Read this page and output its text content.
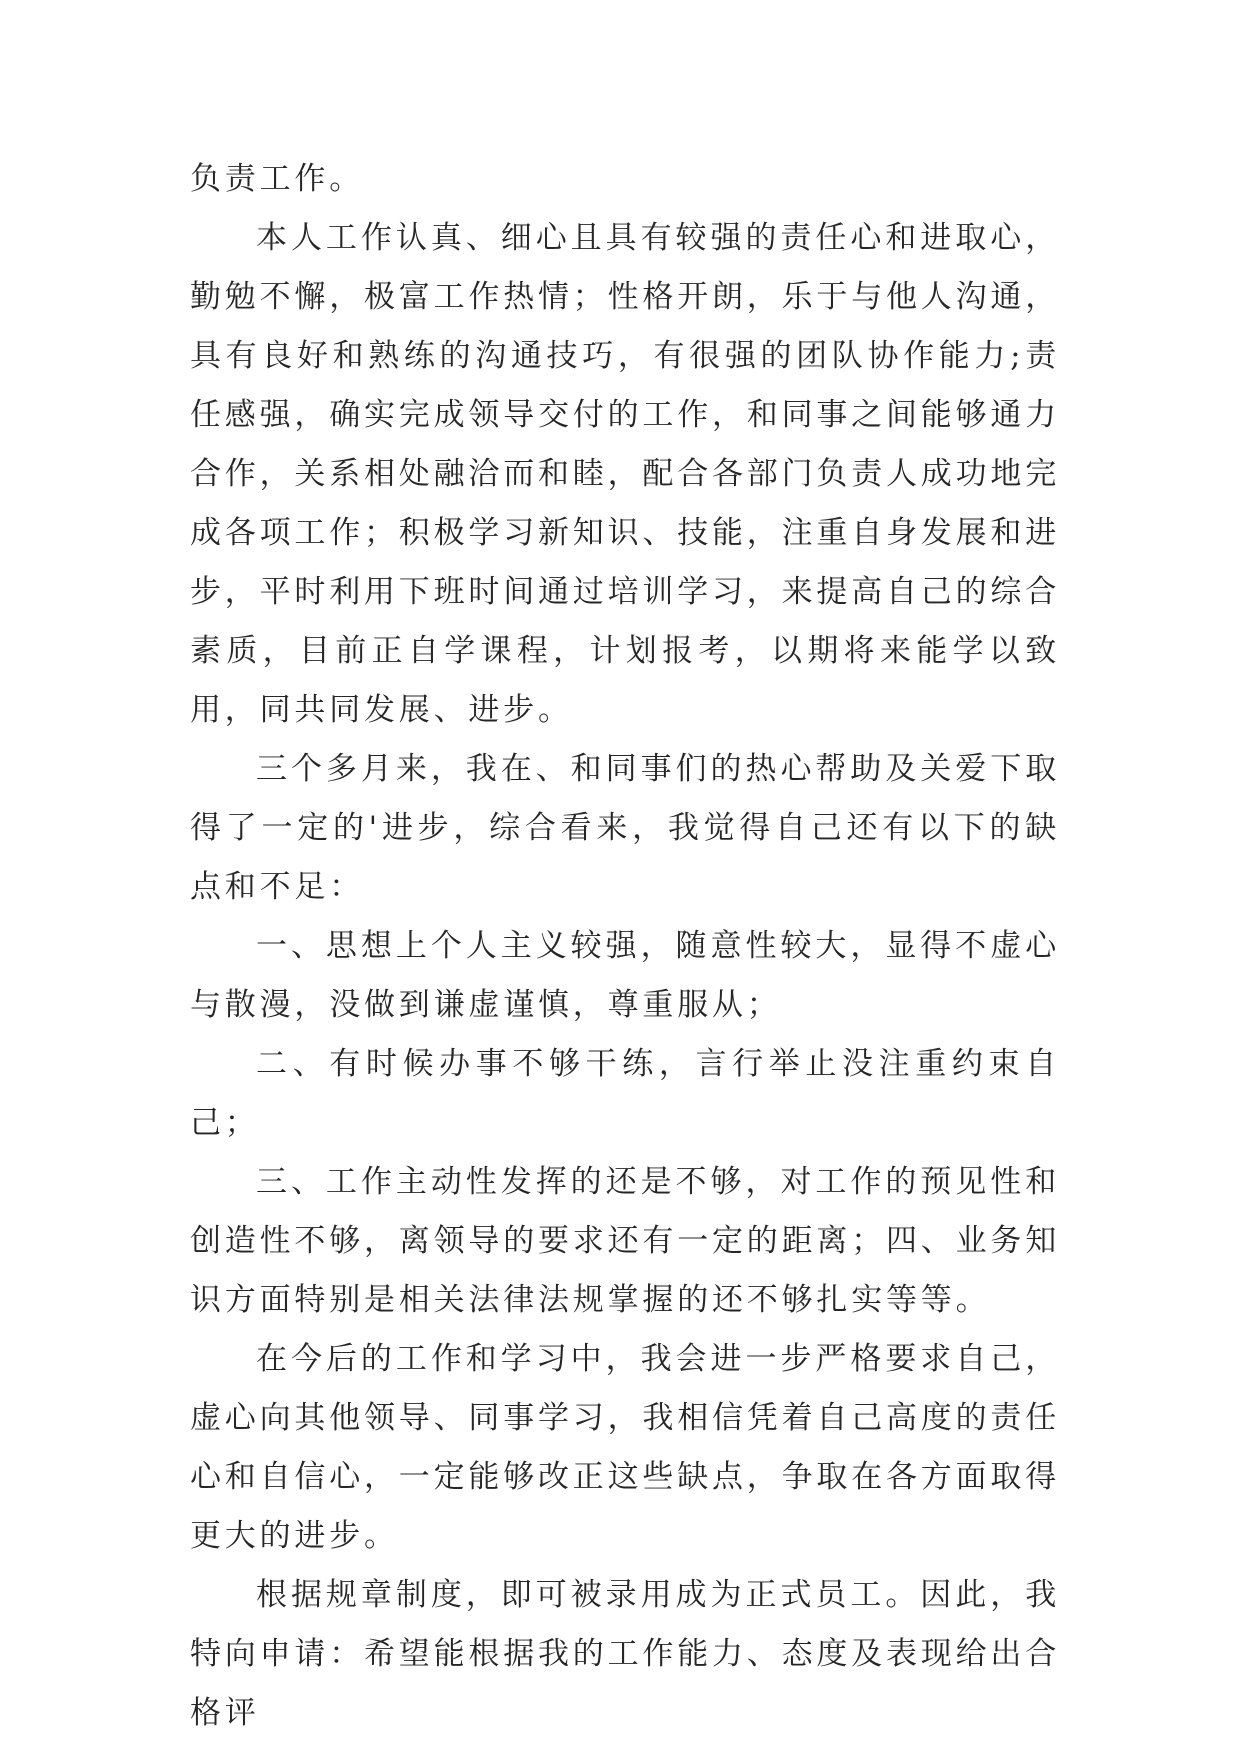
负责工作。

本人工作认真、细心且具有较强的责任心和进取心，勤勉不懈，极富工作热情；性格开朗，乐于与他人沟通，具有良好和熟练的沟通技巧，有很强的团队协作能力;责任感强，确实完成领导交付的工作，和同事之间能够通力合作，关系相处融洽而和睦，配合各部门负责人成功地完成各项工作；积极学习新知识、技能，注重自身发展和进步，平时利用下班时间通过培训学习，来提高自己的综合素质，目前正自学课程，计划报考，以期将来能学以致用，同共同发展、进步。

三个多月来，我在、和同事们的热心帮助及关爱下取得了一定的'进步，综合看来，我觉得自己还有以下的缺点和不足：

一、思想上个人主义较强，随意性较大，显得不虚心与散漫，没做到谦虚谨慎，尊重服从；

二、有时候办事不够干练，言行举止没注重约束自己；

三、工作主动性发挥的还是不够，对工作的预见性和创造性不够，离领导的要求还有一定的距离；四、业务知识方面特别是相关法律法规掌握的还不够扎实等等。

在今后的工作和学习中，我会进一步严格要求自己，虚心向其他领导、同事学习，我相信凭着自己高度的责任心和自信心，一定能够改正这些缺点，争取在各方面取得更大的进步。

根据规章制度，即可被录用成为正式员工。因此，我特向申请：希望能根据我的工作能力、态度及表现给出合格评
